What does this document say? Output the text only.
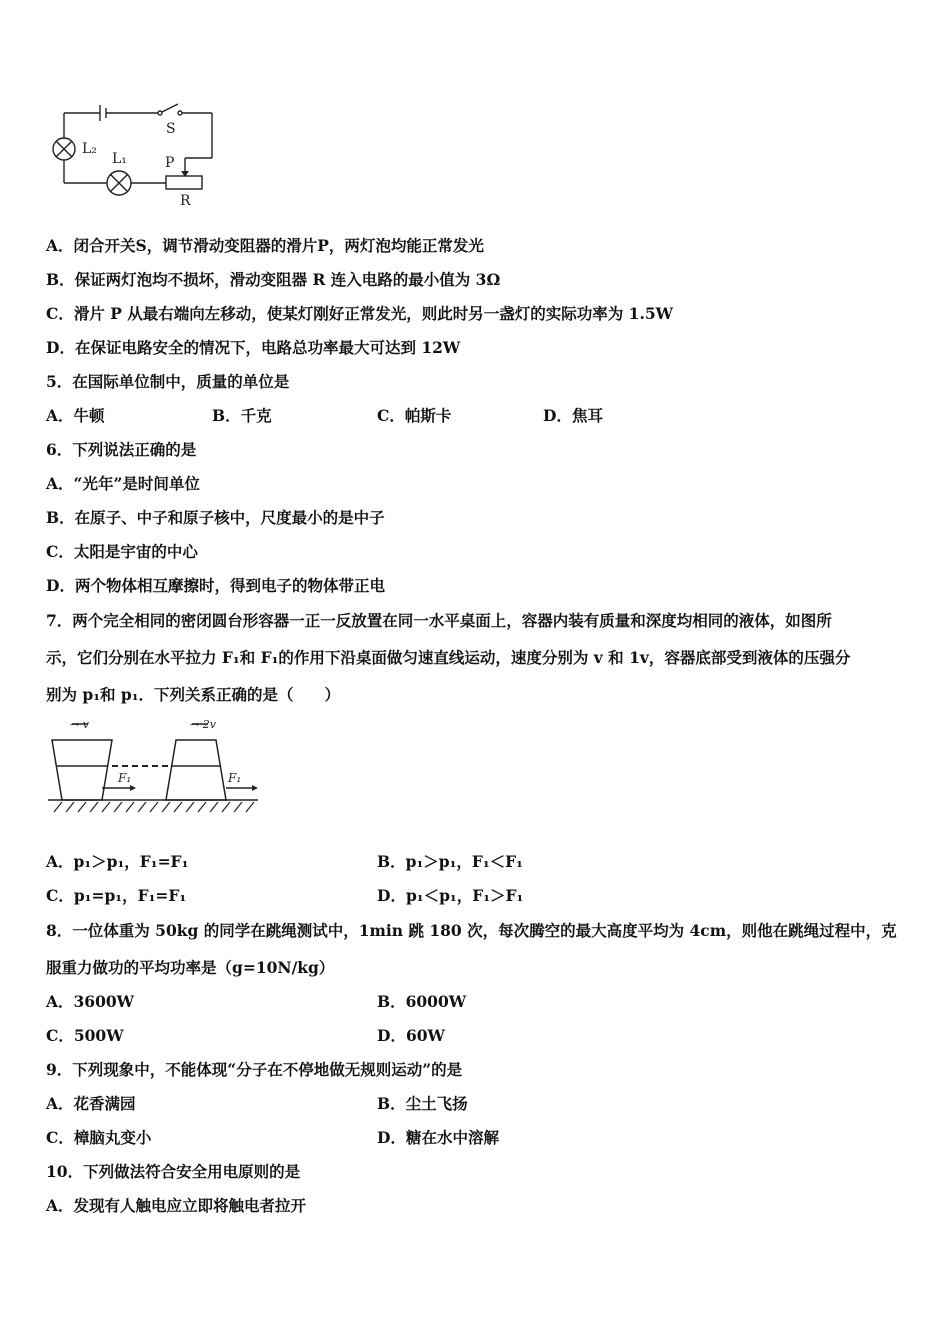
L₂
L₁
S
P
R
A．闭合开关S，调节滑动变阻器的滑片P，两灯泡均能正常发光
B．保证两灯泡均不损坏，滑动变阻器 R 连入电路的最小值为 3Ω
C．滑片 P 从最右端向左移动，使某灯刚好正常发光，则此时另一盏灯的实际功率为 1.5W
D．在保证电路安全的情况下，电路总功率最大可达到 12W
5．在国际单位制中，质量的单位是
A．牛顿	B．千克	C．帕斯卡	D．焦耳
6．下列说法正确的是
A．“光年”是时间单位
B．在原子、中子和原子核中，尺度最小的是中子
C．太阳是宇宙的中心
D．两个物体相互摩擦时，得到电子的物体带正电
7．两个完全相同的密闭圆台形容器一正一反放置在同一水平桌面上，容器内装有质量和深度均相同的液体，如图所
示，它们分别在水平拉力 F₁和 F₁的作用下沿桌面做匀速直线运动，速度分别为 v 和 1v，容器底部受到液体的压强分
别为 p₁和 p₁．下列关系正确的是（　　）
→ v	→ 2v
F₁	F₁
A．p₁＞p₁，F₁=F₁	B．p₁＞p₁，F₁＜F₁
C．p₁=p₁，F₁=F₁	D．p₁＜p₁，F₁＞F₁
8．一位体重为 50kg 的同学在跳绳测试中，1min 跳 180 次，每次腾空的最大高度平均为 4cm，则他在跳绳过程中，克
服重力做功的平均功率是（g=10N/kg）
A．3600W	B．6000W
C．500W	D．60W
9．下列现象中，不能体现“分子在不停地做无规则运动”的是
A．花香满园	B．尘土飞扬
C．樟脑丸变小	D．糖在水中溶解
10．下列做法符合安全用电原则的是
A．发现有人触电应立即将触电者拉开
